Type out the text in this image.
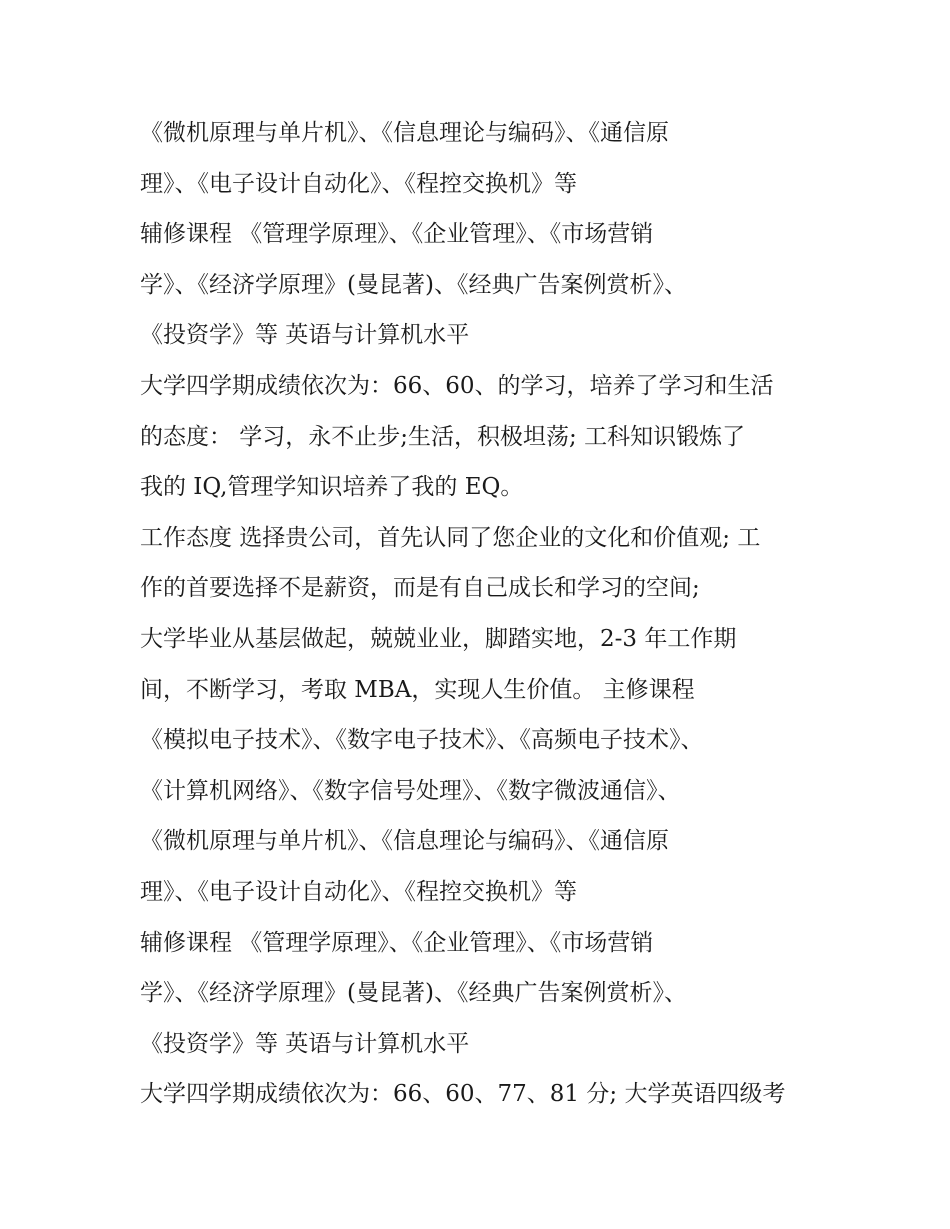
《微机原理与单片机》、《信息理论与编码》、《通信原
理》、《电子设计自动化》、《程控交换机》等
辅修课程 《管理学原理》、《企业管理》、《市场营销
学》、《经济学原理》(曼昆著)、《经典广告案例赏析》、
《投资学》等 英语与计算机水平
大学四学期成绩依次为：66、60、的学习，培养了学习和生活
的态度： 学习，永不止步;生活，积极坦荡; 工科知识锻炼了
我的 IQ,管理学知识培养了我的 EQ。
工作态度 选择贵公司，首先认同了您企业的文化和价值观; 工
作的首要选择不是薪资，而是有自己成长和学习的空间;
大学毕业从基层做起，兢兢业业，脚踏实地，2-3 年工作期
间，不断学习，考取 MBA，实现人生价值。 主修课程
《模拟电子技术》、《数字电子技术》、《高频电子技术》、
《计算机网络》、《数字信号处理》、《数字微波通信》、
《微机原理与单片机》、《信息理论与编码》、《通信原
理》、《电子设计自动化》、《程控交换机》等
辅修课程 《管理学原理》、《企业管理》、《市场营销
学》、《经济学原理》(曼昆著)、《经典广告案例赏析》、
《投资学》等 英语与计算机水平
大学四学期成绩依次为：66、60、77、81 分; 大学英语四级考
